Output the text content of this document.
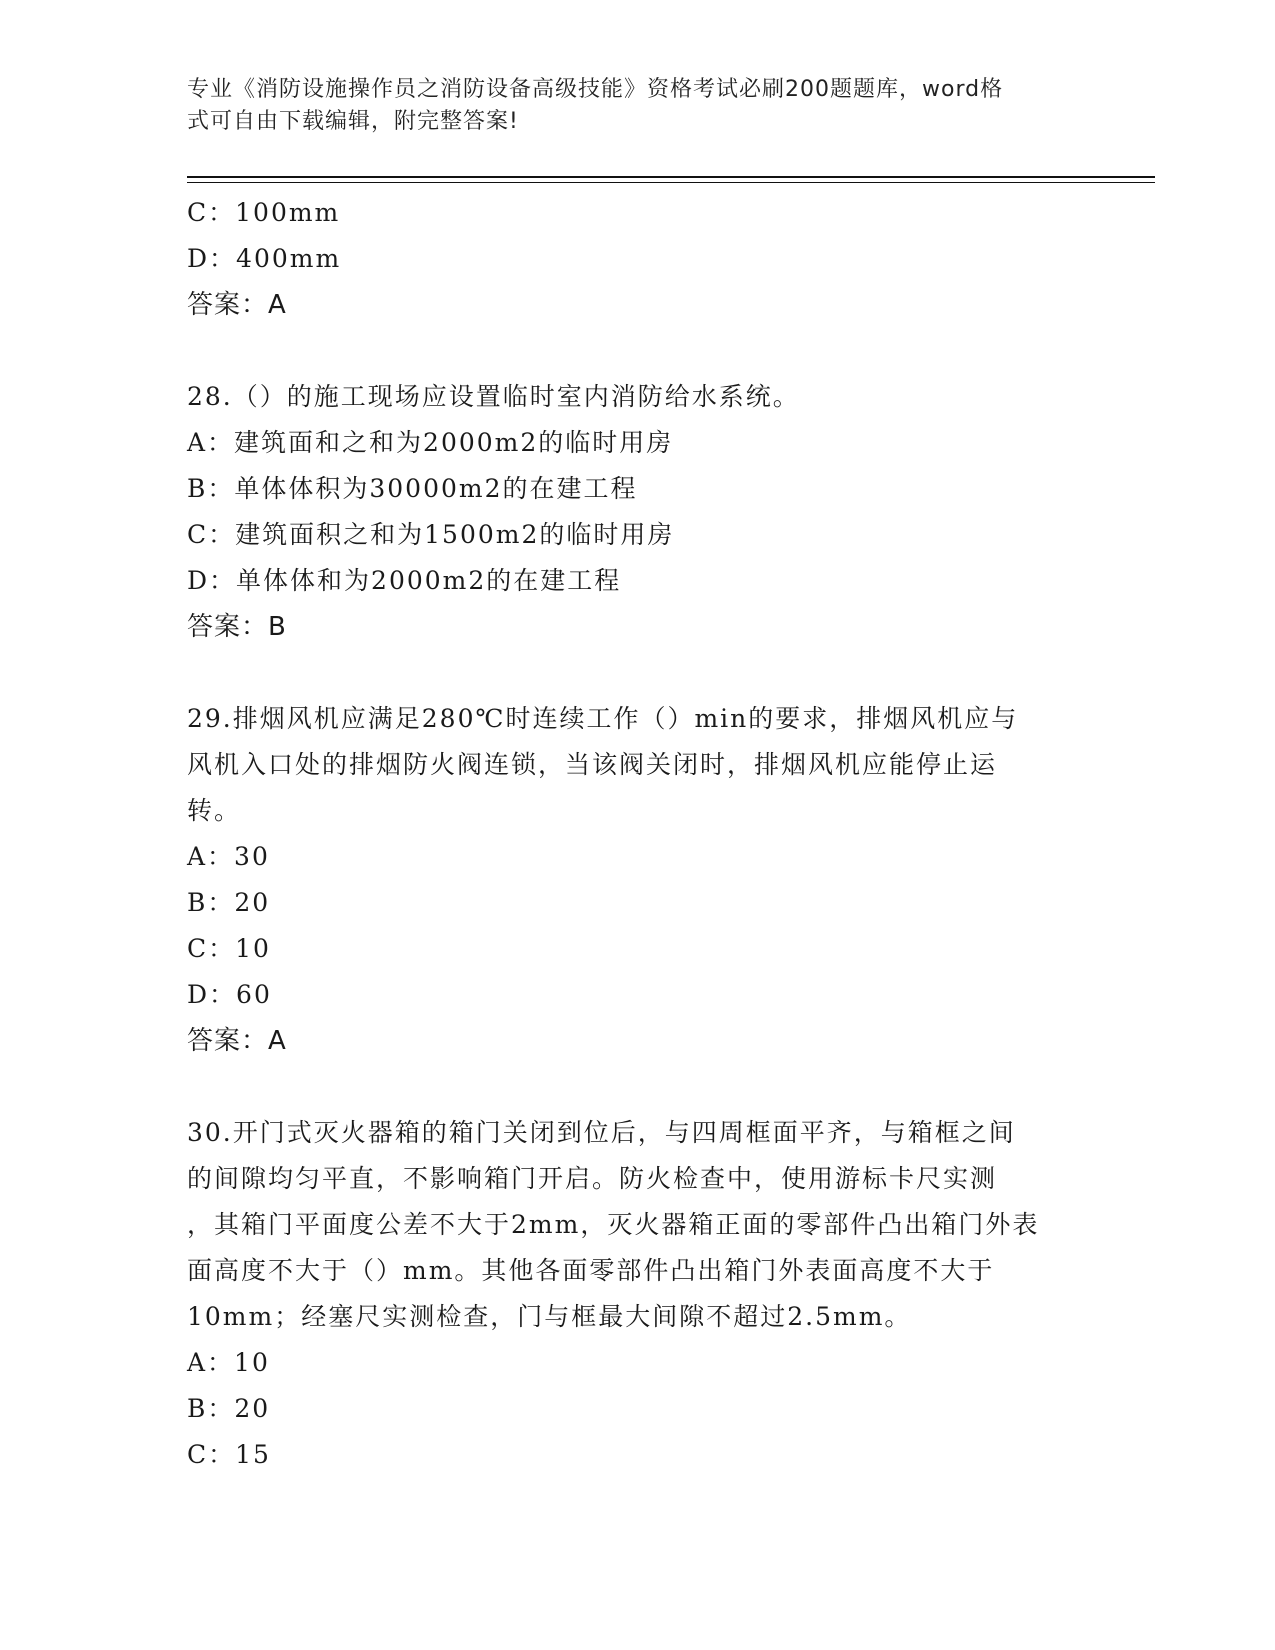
专业《消防设施操作员之消防设备高级技能》资格考试必刷200题题库，word格
式可自由下载编辑，附完整答案!
C：100mm
D：400mm
答案：A
28.（）的施工现场应设置临时室内消防给水系统。
A：建筑面和之和为2000m2的临时用房
B：单体体积为30000m2的在建工程
C：建筑面积之和为1500m2的临时用房
D：单体体和为2000m2的在建工程
答案：B
29.排烟风机应满足280℃时连续工作（）min的要求，排烟风机应与
风机入口处的排烟防火阀连锁，当该阀关闭时，排烟风机应能停止运
转。
A：30
B：20
C：10
D：60
答案：A
30.开门式灭火器箱的箱门关闭到位后，与四周框面平齐，与箱框之间
的间隙均匀平直，不影响箱门开启。防火检查中，使用游标卡尺实测
，其箱门平面度公差不大于2mm，灭火器箱正面的零部件凸出箱门外表
面高度不大于（）mm。其他各面零部件凸出箱门外表面高度不大于
10mm；经塞尺实测检查，门与框最大间隙不超过2.5mm。
A：10
B：20
C：15
